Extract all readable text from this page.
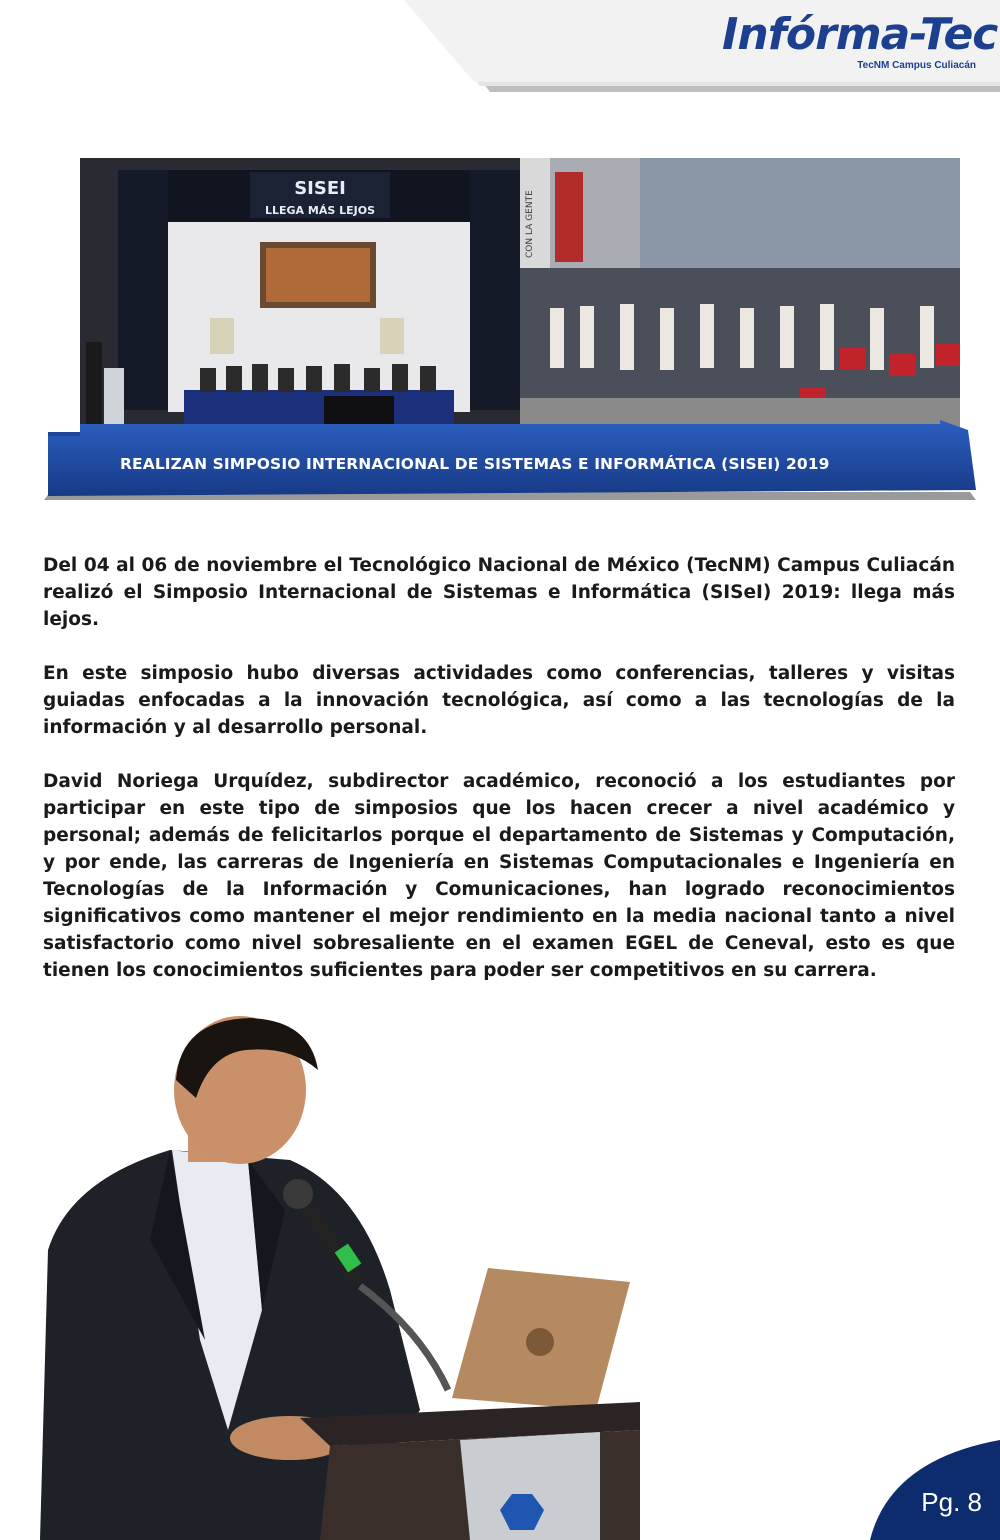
Infórma-Tec
TecNM Campus Culiacán
SISEI
LLEGA MÁS LEJOS	CON LA GENTE
REALIZAN SIMPOSIO INTERNACIONAL DE SISTEMAS E INFORMÁTICA (SISEI) 2019

Del 04 al 06 de noviembre el Tecnológico Nacional de México (TecNM) Campus Culiacán realizó el Simposio Internacional de Sistemas e Informática (SISeI) 2019: llega más lejos.

En este simposio hubo diversas actividades como conferencias, talleres y visitas guiadas enfocadas a la innovación tecnológica, así como a las tecnologías de la información y al desarrollo personal.

David Noriega Urquídez, subdirector académico, reconoció a los estudiantes por participar en este tipo de simposios que los hacen crecer a nivel académico y personal; además de felicitarlos porque el departamento de Sistemas y Computación, y por ende, las carreras de Ingeniería en Sistemas Computacionales e Ingeniería en Tecnologías de la Información y Comunicaciones, han logrado reconocimientos significativos como mantener el mejor rendimiento en la media nacional tanto a nivel satisfactorio como nivel sobresaliente en el examen EGEL de Ceneval, esto es que tienen los conocimientos suficientes para poder ser competitivos en su carrera.

Pg. 8
